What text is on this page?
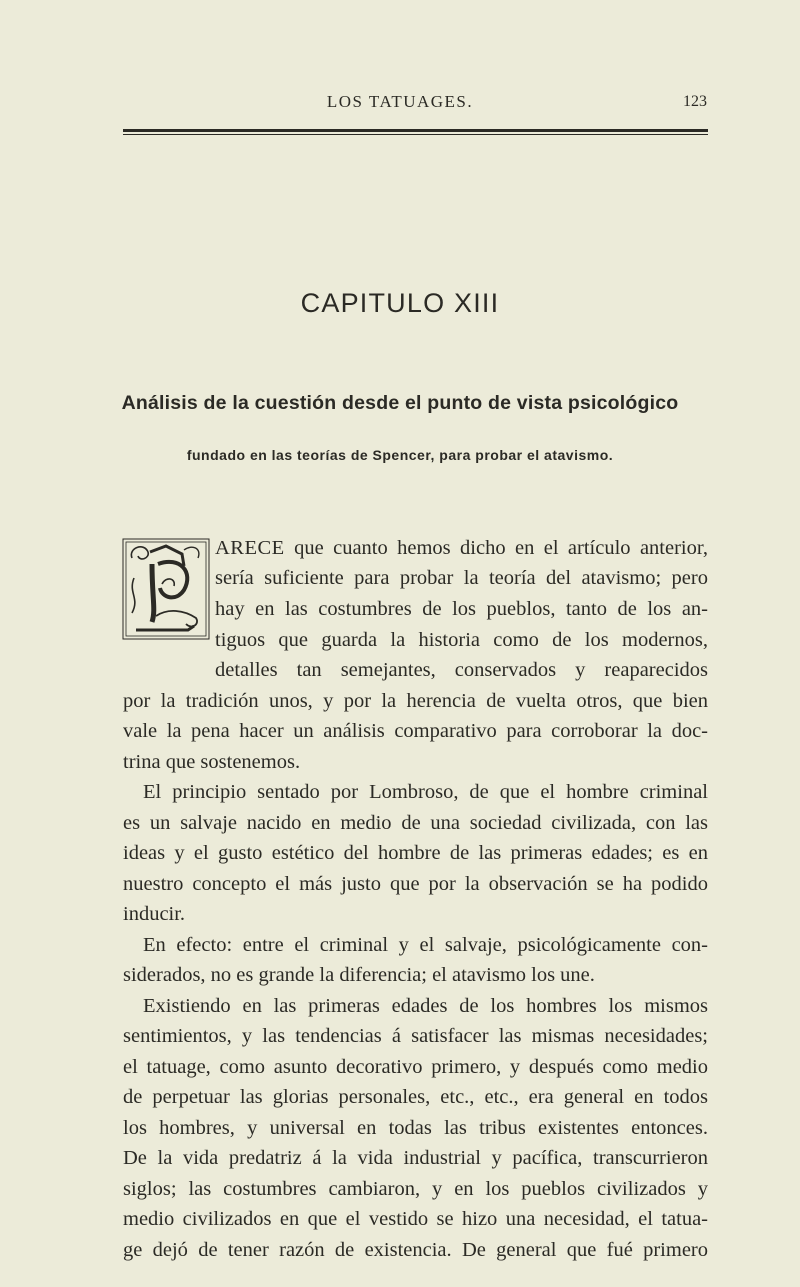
LOS TATUAGES.	123
CAPITULO XIII
Análisis de la cuestión desde el punto de vista psicológico
fundado en las teorías de Spencer, para probar el atavismo.
ARECE que cuanto hemos dicho en el artículo anterior,
sería suficiente para probar la teoría del atavismo; pero
hay en las costumbres de los pueblos, tanto de los an-
tiguos que guarda la historia como de los modernos,
detalles tan semejantes, conservados y reaparecidos
por la tradición unos, y por la herencia de vuelta otros, que bien
vale la pena hacer un análisis comparativo para corroborar la doc-
trina que sostenemos.
El principio sentado por Lombroso, de que el hombre criminal
es un salvaje nacido en medio de una sociedad civilizada, con las
ideas y el gusto estético del hombre de las primeras edades; es en
nuestro concepto el más justo que por la observación se ha podido
inducir.
En efecto: entre el criminal y el salvaje, psicológicamente con-
siderados, no es grande la diferencia; el atavismo los une.
Existiendo en las primeras edades de los hombres los mismos
sentimientos, y las tendencias á satisfacer las mismas necesidades;
el tatuage, como asunto decorativo primero, y después como medio
de perpetuar las glorias personales, etc., etc., era general en todos
los hombres, y universal en todas las tribus existentes entonces.
De la vida predatriz á la vida industrial y pacífica, transcurrieron
siglos; las costumbres cambiaron, y en los pueblos civilizados y
medio civilizados en que el vestido se hizo una necesidad, el tatua-
ge dejó de tener razón de existencia. De general que fué primero
